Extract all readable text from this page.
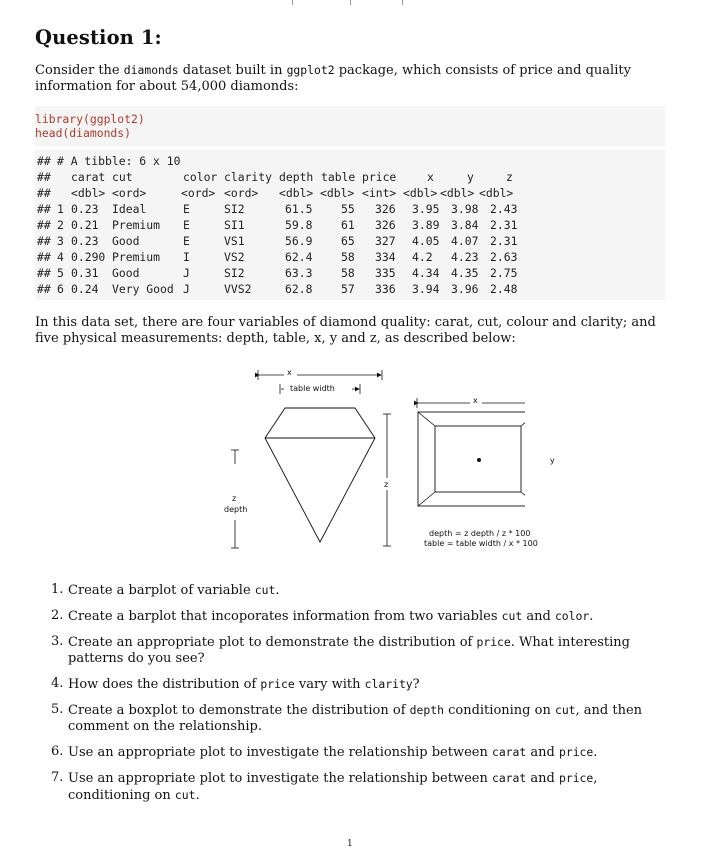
Question 1:

Consider the diamonds dataset built in ggplot2 package, which consists of price and quality information for about 54,000 diamonds:

library(ggplot2)
head(diamonds)
##
##
##
##
##
##
##
##
##
# A tibble: 6 x 10
carat cut	color clarity depth table price	x	y	z
<dbl> <ord>	<ord> <ord> <dbl> <dbl> <int> <dbl> <dbl> <dbl>
1 0.23 Ideal	E	SI2	61.5	55 326 3.95 3.98 2.43
2 0.21 Premium E	SI1	59.8	61 326 3.89 3.84 2.31
3 0.23 Good	E	VS1	56.9	65 327 4.05 4.07 2.31
4 0.290 Premium I	VS2	62.4	58 334 4.2 4.23 2.63
5 0.31 Good	J	SI2	63.3	58 335 4.34 4.35 2.75
6 0.24 Very Good J	VVS2	62.8	57 336 3.94 3.96 2.48

In this data set, there are four variables of diamond quality: carat, cut, colour and clarity; and five physical measurements: depth, table, x, y and z, as described below:

x
table width
z
depth
z
x
y
depth = z depth / z * 100
table = table width / x * 100
1. Create a barplot of variable cut.
2. Create a barplot that incoporates information from two variables cut and color.
3. Create an appropriate plot to demonstrate the distribution of price. What interesting patterns do you see?
4. How does the distribution of price vary with clarity?
5. Create a boxplot to demonstrate the distribution of depth conditioning on cut, and then comment on the relationship.
6. Use an appropriate plot to investigate the relationship between carat and price.
7. Use an appropriate plot to investigate the relationship between carat and price, conditioning on cut.
1
